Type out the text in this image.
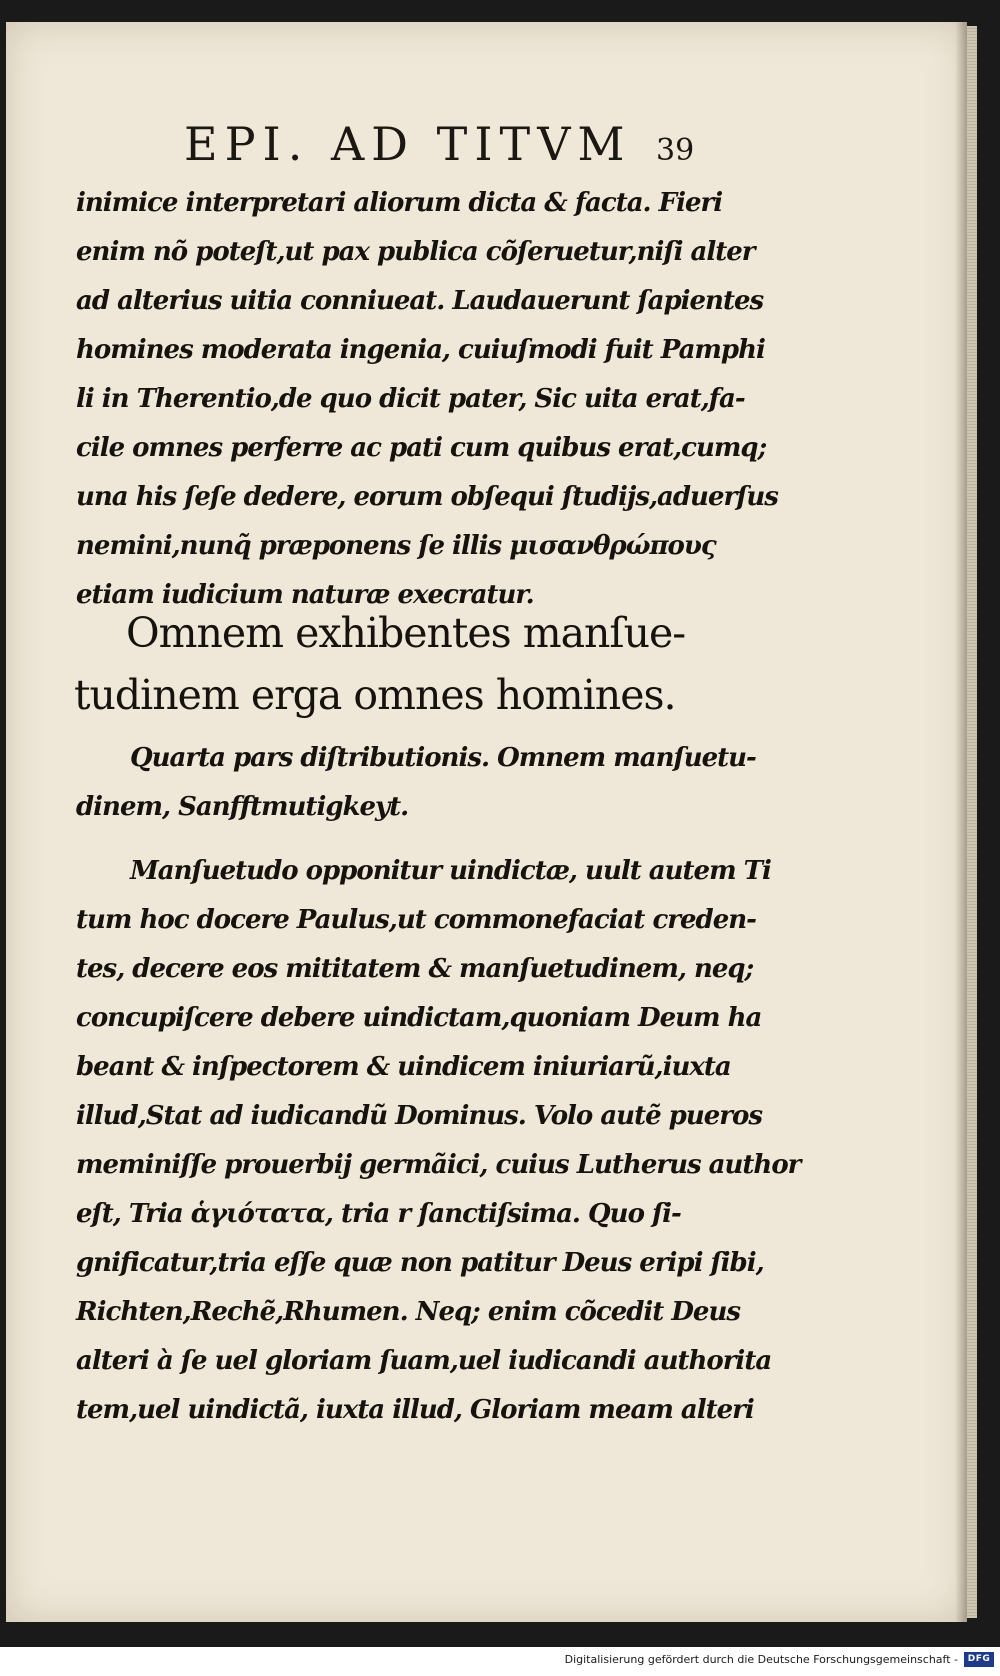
EPI. AD TITVM 39
inimice interpretari aliorum dicta & facta. Fieri
enim nõ poteſt,ut pax publica cõſeruetur,niſi alter
ad alterius uitia conniueat. Laudauerunt ſapientes
homines moderata ingenia, cuiuſmodi fuit Pamphi
li in Therentio,de quo dicit pater, Sic uita erat,fa-
cile omnes perferre ac pati cum quibus erat,cumq;
una his ſeſe dedere, eorum obſequi ſtudijs,aduerſus
nemini,nunq̃ præponens ſe illis μισανθρώπους
etiam iudicium naturæ execratur.
Omnem exhibentes manſue-
tudinem erga omnes homines.
Quarta pars diſtributionis. Omnem manſuetu-
dinem, Sanfftmutigkeyt.
Manſuetudo opponitur uindictæ, uult autem Ti
tum hoc docere Paulus,ut commonefaciat creden-
tes, decere eos mititatem & manſuetudinem, neq;
concupiſcere debere uindictam,quoniam Deum ha
beant & inſpectorem & uindicem iniuriarũ,iuxta
illud,Stat ad iudicandũ Dominus. Volo autẽ pueros
meminiſſe prouerbij germãici, cuius Lutherus author
eſt, Tria ἁγιότατα, tria r ſanctiſsima. Quo ſi-
gnificatur,tria eſſe quæ non patitur Deus eripi ſibi,
Richten,Rechẽ,Rhumen. Neq; enim cõcedit Deus
alteri à ſe uel gloriam ſuam,uel iudicandi authorita
tem,uel uindictã, iuxta illud, Gloriam meam alteri
Digitalisierung gefördert durch die Deutsche Forschungsgemeinschaft -	DFG
